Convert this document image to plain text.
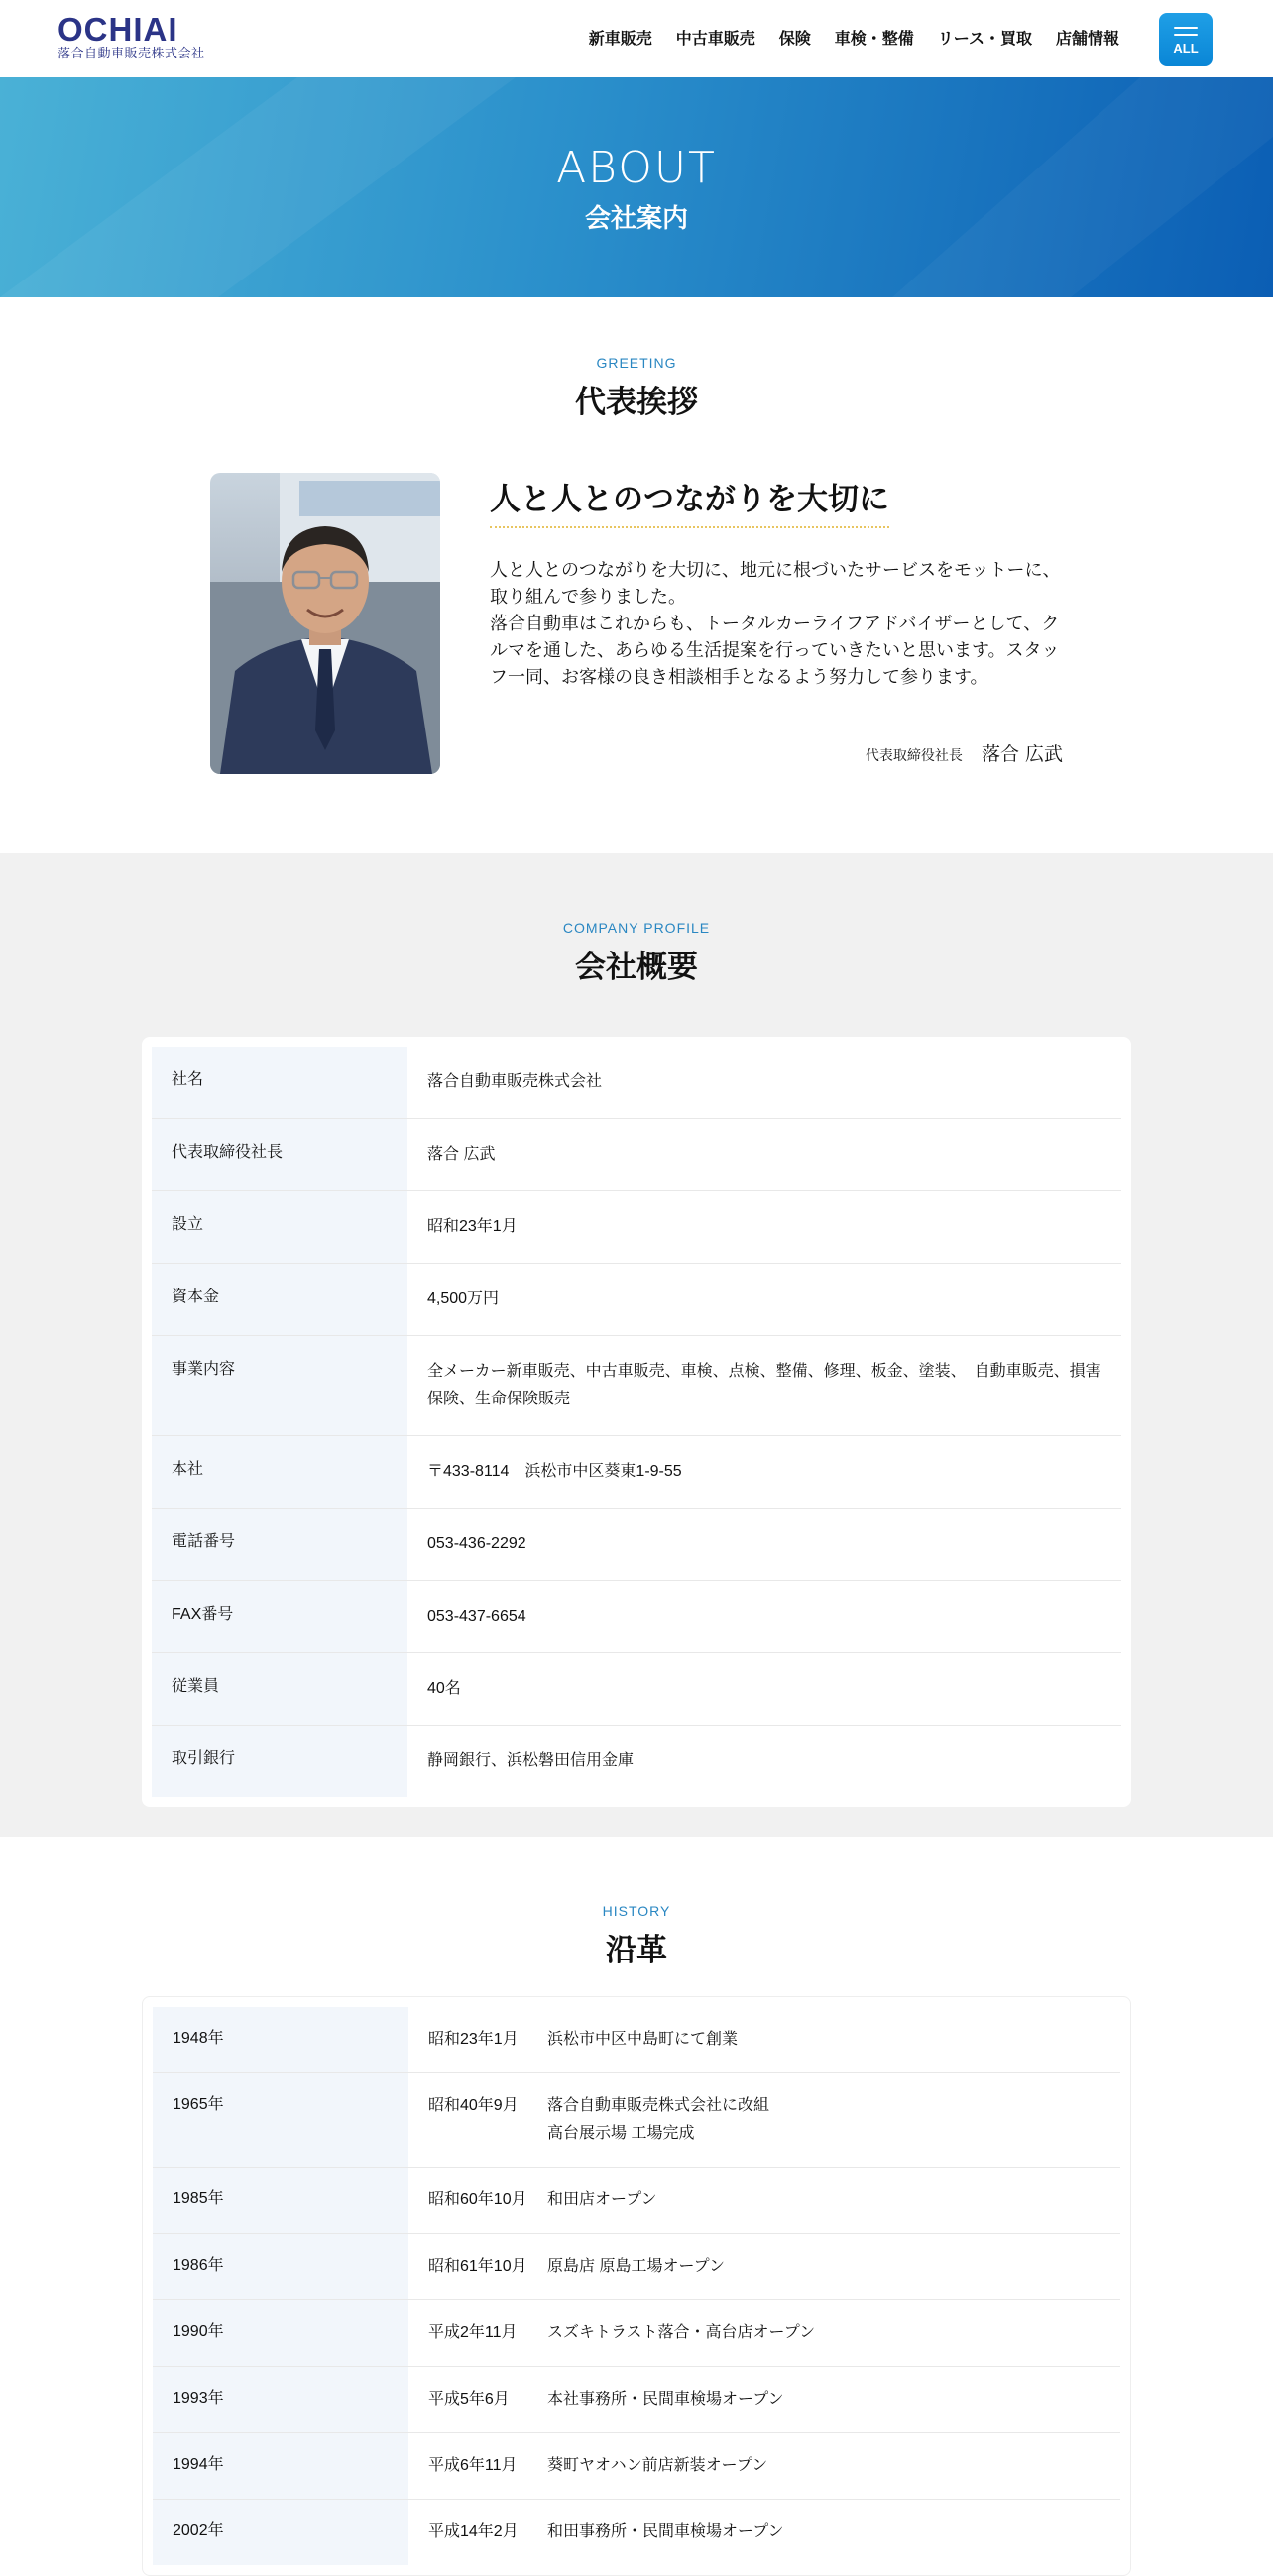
OCHIAI
落合自動車販売株式会社
新車販売	中古車販売	保険	車検・整備	リース・買取	店舗情報
ALL
ABOUT
会社案内
GREETING
代表挨拶
人と人とのつながりを大切に
人と人とのつながりを大切に、地元に根づいたサービスをモットーに、取り組んで参りました。
落合自動車はこれからも、トータルカーライフアドバイザーとして、クルマを通した、あらゆる生活提案を行っていきたいと思います。スタッフ一同、お客様の良き相談相手となるよう努力して参ります。
代表取締役社長 落合 広武
COMPANY PROFILE
会社概要
社名	落合自動車販売株式会社
代表取締役社長	落合 広武
設立	昭和23年1月
資本金	4,500万円
事業内容	全メーカー新車販売、中古車販売、車検、点検、整備、修理、板金、塗装、　自動車販売、損害保険、生命保険販売
本社	〒433-8114　浜松市中区葵東1-9-55
電話番号	053-436-2292
FAX番号	053-437-6654
従業員	40名
取引銀行	静岡銀行、浜松磐田信用金庫
HISTORY
沿革
1948年	昭和23年1月	浜松市中区中島町にて創業
1965年	昭和40年9月	落合自動車販売株式会社に改組
高台展示場 工場完成
1985年	昭和60年10月	和田店オープン
1986年	昭和61年10月	原島店 原島工場オープン
1990年	平成2年11月	スズキトラスト落合・高台店オープン
1993年	平成5年6月	本社事務所・民間車検場オープン
1994年	平成6年11月	葵町ヤオハン前店新装オープン
2002年	平成14年2月	和田事務所・民間車検場オープン
